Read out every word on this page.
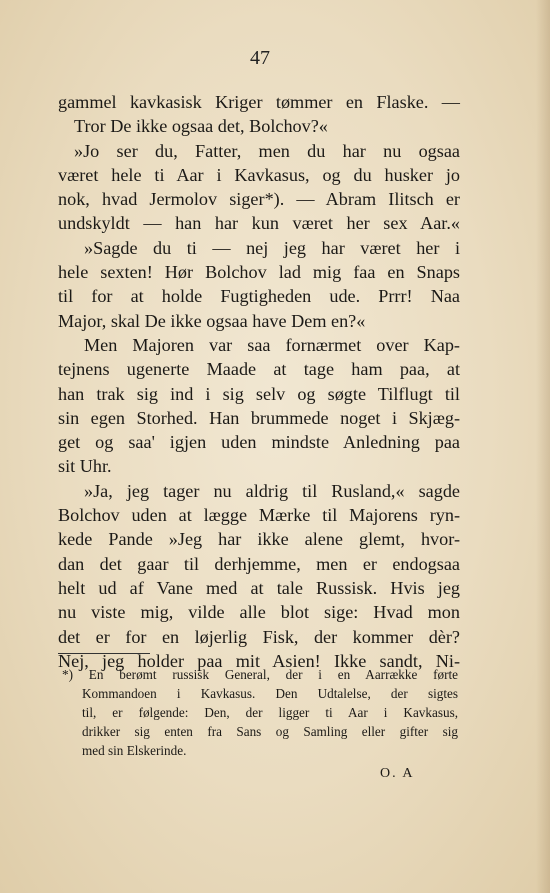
47
gammel kavkasisk Kriger tømmer en Flaske. —
Tror De ikke ogsaa det, Bolchov?«
»Jo ser du, Fatter, men du har nu ogsaa
været hele ti Aar i Kavkasus, og du husker jo
nok, hvad Jermolov siger*). — Abram Ilitsch er
undskyldt — han har kun været her sex Aar.«
»Sagde du ti — nej jeg har været her i
hele sexten! Hør Bolchov lad mig faa en Snaps
til for at holde Fugtigheden ude. Prrr! Naa
Major, skal De ikke ogsaa have Dem en?«
Men Majoren var saa fornærmet over Kap-
tejnens ugenerte Maade at tage ham paa, at
han trak sig ind i sig selv og søgte Tilflugt til
sin egen Storhed. Han brummede noget i Skjæg-
get og saa' igjen uden mindste Anledning paa
sit Uhr.
»Ja, jeg tager nu aldrig til Rusland,« sagde
Bolchov uden at lægge Mærke til Majorens ryn-
kede Pande »Jeg har ikke alene glemt, hvor-
dan det gaar til derhjemme, men er endogsaa
helt ud af Vane med at tale Russisk. Hvis jeg
nu viste mig, vilde alle blot sige: Hvad mon
det er for en løjerlig Fisk, der kommer dèr?
Nej, jeg holder paa mit Asien! Ikke sandt, Ni-
*) En berømt russisk General, der i en Aarrække førte
Kommandoen i Kavkasus. Den Udtalelse, der sigtes
til, er følgende: Den, der ligger ti Aar i Kavkasus,
drikker sig enten fra Sans og Samling eller gifter sig
med sin Elskerinde.
O. A
